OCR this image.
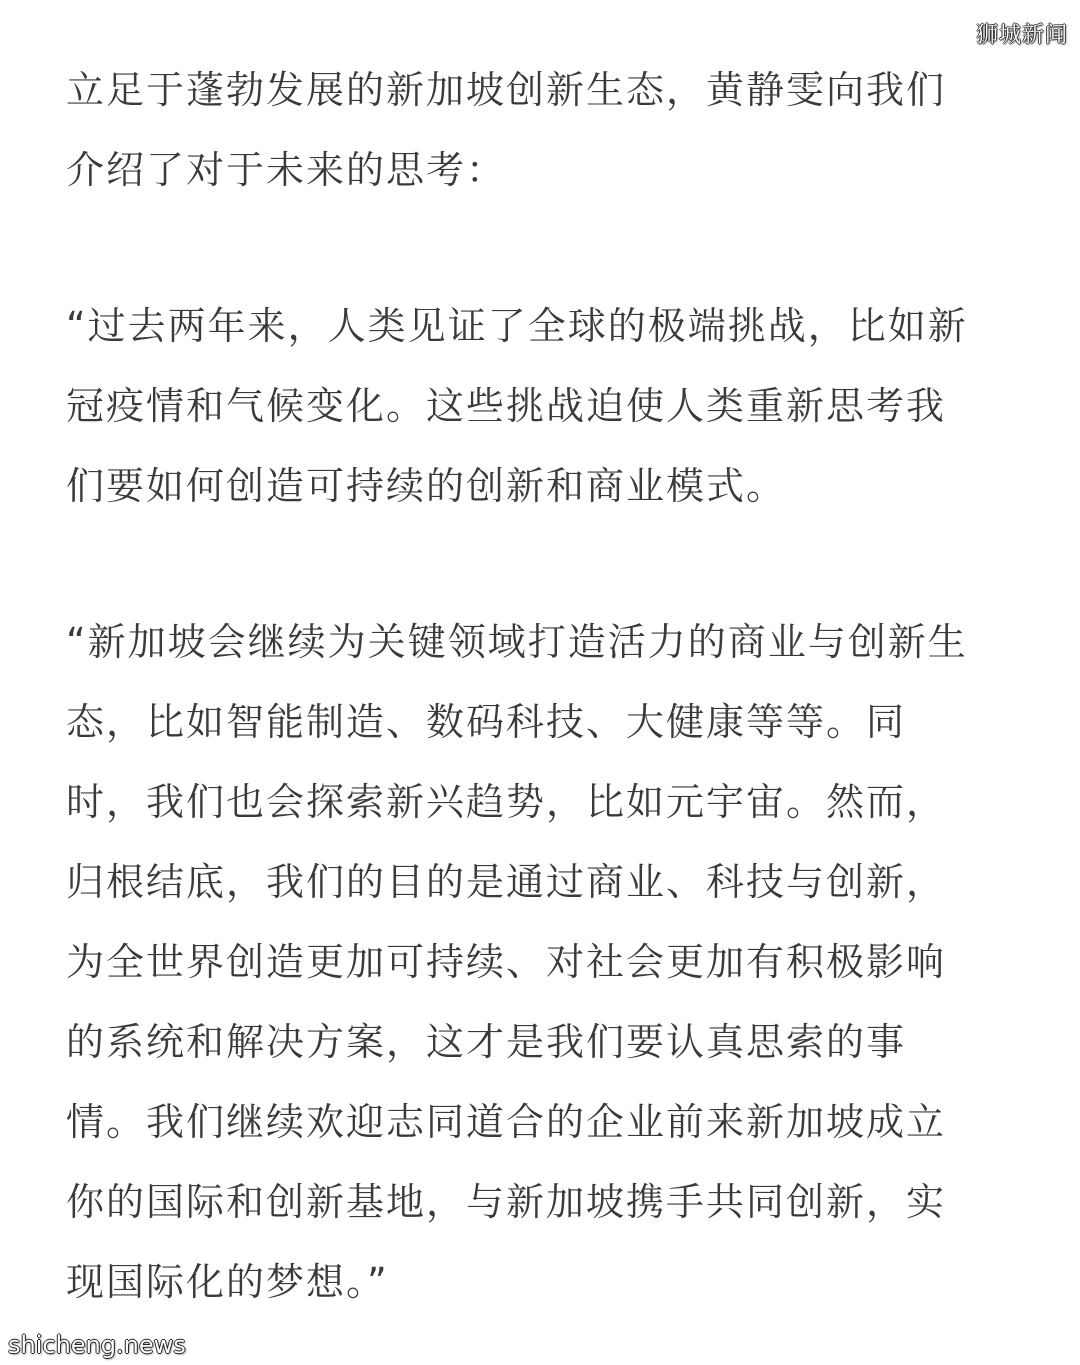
狮城新闻
立足于蓬勃发展的新加坡创新生态，黄静雯向我们
介绍了对于未来的思考：
“过去两年来，人类见证了全球的极端挑战，比如新
冠疫情和气候变化。这些挑战迫使人类重新思考我
们要如何创造可持续的创新和商业模式。
“新加坡会继续为关键领域打造活力的商业与创新生
态，比如智能制造、数码科技、大健康等等。同
时，我们也会探索新兴趋势，比如元宇宙。然而，
归根结底，我们的目的是通过商业、科技与创新，
为全世界创造更加可持续、对社会更加有积极影响
的系统和解决方案，这才是我们要认真思索的事
情。我们继续欢迎志同道合的企业前来新加坡成立
你的国际和创新基地，与新加坡携手共同创新，实
现国际化的梦想。”
shicheng.news
